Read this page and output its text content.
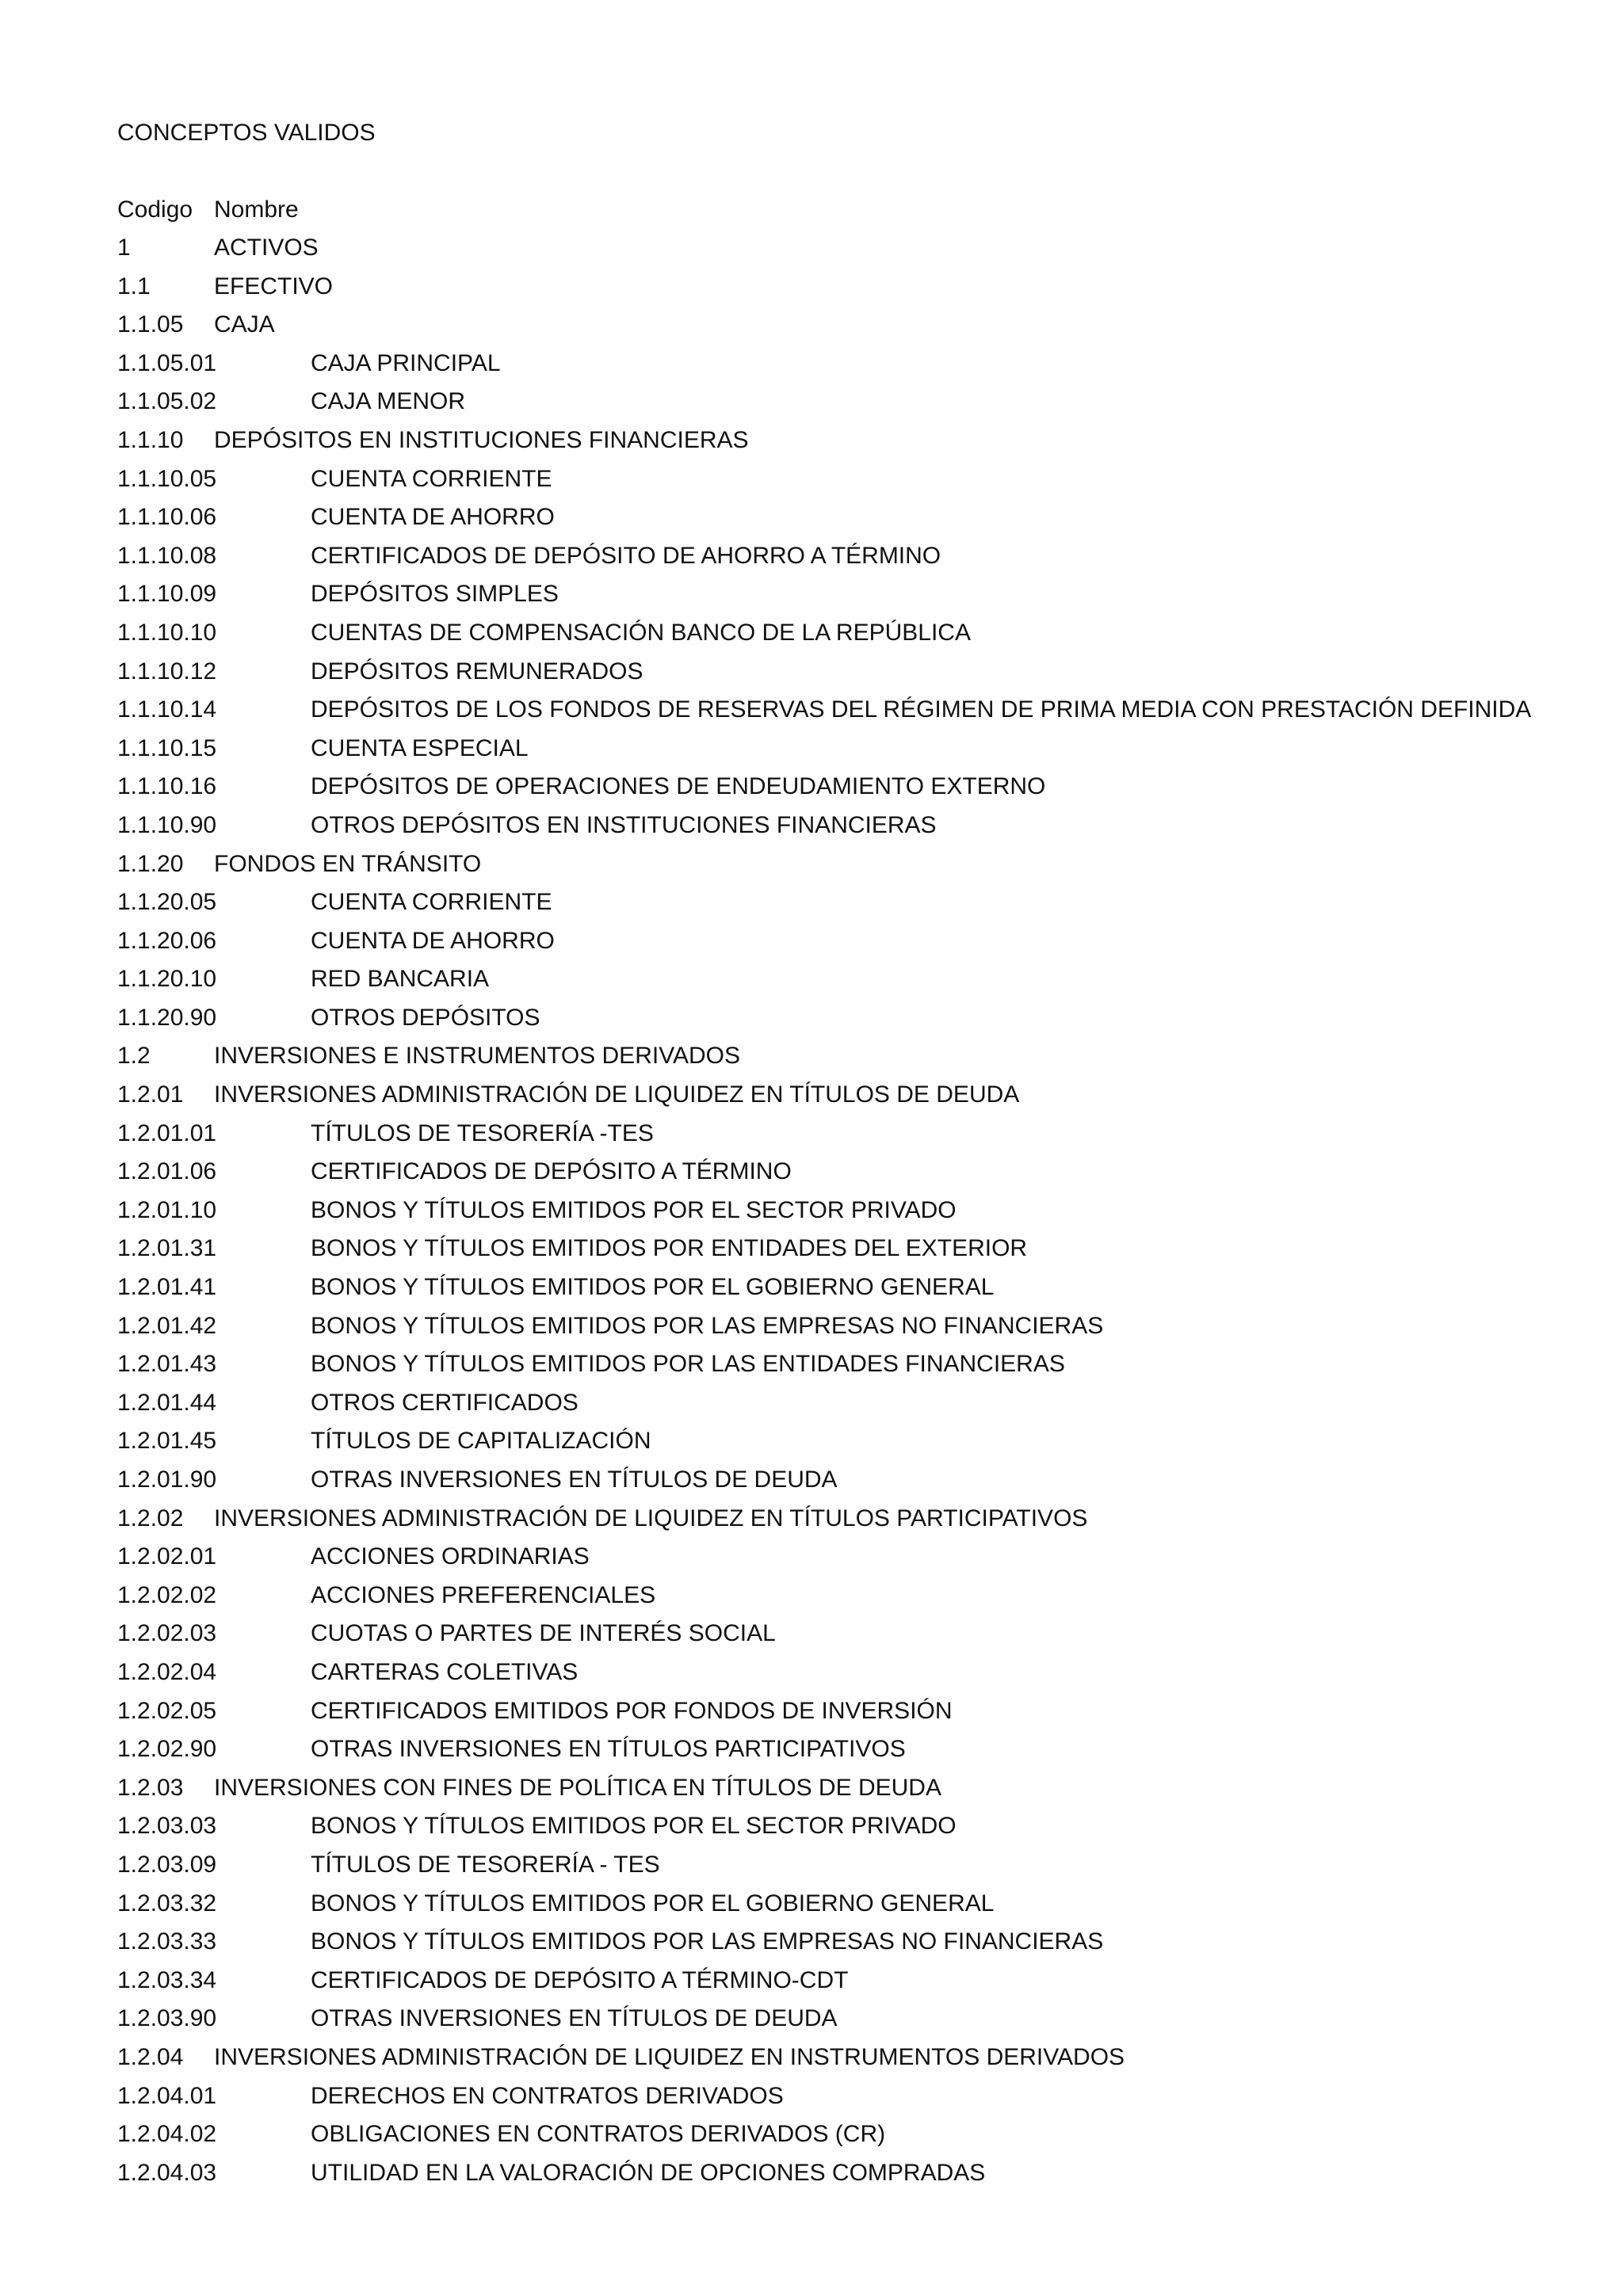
CONCEPTOS VALIDOS
Codigo Nombre
1	ACTIVOS
1.1	EFECTIVO
1.1.05 CAJA
1.1.05.01	CAJA PRINCIPAL
1.1.05.02	CAJA MENOR
1.1.10 DEPÓSITOS EN INSTITUCIONES FINANCIERAS
1.1.10.05	CUENTA CORRIENTE
1.1.10.06	CUENTA DE AHORRO
1.1.10.08	CERTIFICADOS DE DEPÓSITO DE AHORRO A TÉRMINO
1.1.10.09	DEPÓSITOS SIMPLES
1.1.10.10	CUENTAS DE COMPENSACIÓN BANCO DE LA REPÚBLICA
1.1.10.12	DEPÓSITOS REMUNERADOS
1.1.10.14	DEPÓSITOS DE LOS FONDOS DE RESERVAS DEL RÉGIMEN DE PRIMA MEDIA CON PRESTACIÓN DEFINIDA
1.1.10.15	CUENTA ESPECIAL
1.1.10.16	DEPÓSITOS DE OPERACIONES DE ENDEUDAMIENTO EXTERNO
1.1.10.90	OTROS DEPÓSITOS EN INSTITUCIONES FINANCIERAS
1.1.20 FONDOS EN TRÁNSITO
1.1.20.05	CUENTA CORRIENTE
1.1.20.06	CUENTA DE AHORRO
1.1.20.10	RED BANCARIA
1.1.20.90	OTROS DEPÓSITOS
1.2	INVERSIONES E INSTRUMENTOS DERIVADOS
1.2.01 INVERSIONES ADMINISTRACIÓN DE LIQUIDEZ EN TÍTULOS DE DEUDA
1.2.01.01	TÍTULOS DE TESORERÍA -TES
1.2.01.06	CERTIFICADOS DE DEPÓSITO A TÉRMINO
1.2.01.10	BONOS Y TÍTULOS EMITIDOS POR EL SECTOR PRIVADO
1.2.01.31	BONOS Y TÍTULOS EMITIDOS POR ENTIDADES DEL EXTERIOR
1.2.01.41	BONOS Y TÍTULOS EMITIDOS POR EL GOBIERNO GENERAL
1.2.01.42	BONOS Y TÍTULOS EMITIDOS POR LAS EMPRESAS NO FINANCIERAS
1.2.01.43	BONOS Y TÍTULOS EMITIDOS POR LAS ENTIDADES FINANCIERAS
1.2.01.44	OTROS CERTIFICADOS
1.2.01.45	TÍTULOS DE CAPITALIZACIÓN
1.2.01.90	OTRAS INVERSIONES EN TÍTULOS DE DEUDA
1.2.02 INVERSIONES ADMINISTRACIÓN DE LIQUIDEZ EN TÍTULOS PARTICIPATIVOS
1.2.02.01	ACCIONES ORDINARIAS
1.2.02.02	ACCIONES PREFERENCIALES
1.2.02.03	CUOTAS O PARTES DE INTERÉS SOCIAL
1.2.02.04	CARTERAS COLETIVAS
1.2.02.05	CERTIFICADOS EMITIDOS POR FONDOS DE INVERSIÓN
1.2.02.90	OTRAS INVERSIONES EN TÍTULOS PARTICIPATIVOS
1.2.03 INVERSIONES CON FINES DE POLÍTICA EN TÍTULOS DE DEUDA
1.2.03.03	BONOS Y TÍTULOS EMITIDOS POR EL SECTOR PRIVADO
1.2.03.09	TÍTULOS DE TESORERÍA - TES
1.2.03.32	BONOS Y TÍTULOS EMITIDOS POR EL GOBIERNO GENERAL
1.2.03.33	BONOS Y TÍTULOS EMITIDOS POR LAS EMPRESAS NO FINANCIERAS
1.2.03.34	CERTIFICADOS DE DEPÓSITO A TÉRMINO-CDT
1.2.03.90	OTRAS INVERSIONES EN TÍTULOS DE DEUDA
1.2.04 INVERSIONES ADMINISTRACIÓN DE LIQUIDEZ EN INSTRUMENTOS DERIVADOS
1.2.04.01	DERECHOS EN CONTRATOS DERIVADOS
1.2.04.02	OBLIGACIONES EN CONTRATOS DERIVADOS (CR)
1.2.04.03	UTILIDAD EN LA VALORACIÓN DE OPCIONES COMPRADAS
